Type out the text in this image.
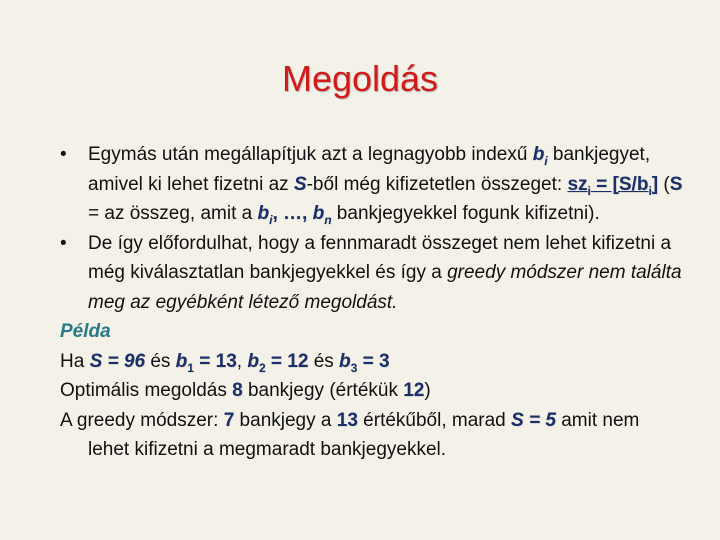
Megoldás
• Egymás után megállapítjuk azt a legnagyobb indexű $b_i$ bankjegyet, amivel ki lehet fizetni az S-ből még kifizetetlen összeget: $sz_i = [S/b_i] (S$ = az összeg, amit a $b_i$, …, $b_n$ bankjegyekkel fogunk kifizetni).
• De így előfordulhat, hogy a fennmaradt összeget nem lehet kifizetni a még kiválasztatlan bankjegyekkel és így a greedy módszer nem találta meg az egyébként létező megoldást.
Példa
Ha S = 96 és $b_1 = 13$, $b_2 = 12$ és $b_3 = 3$
Optimális megoldás 8 bankjegy (értékük 12)
A greedy módszer: 7 bankjegy a 13 értékűből, marad S = 5 amit nem lehet kifizetni a megmaradt bankjegyekkel.
